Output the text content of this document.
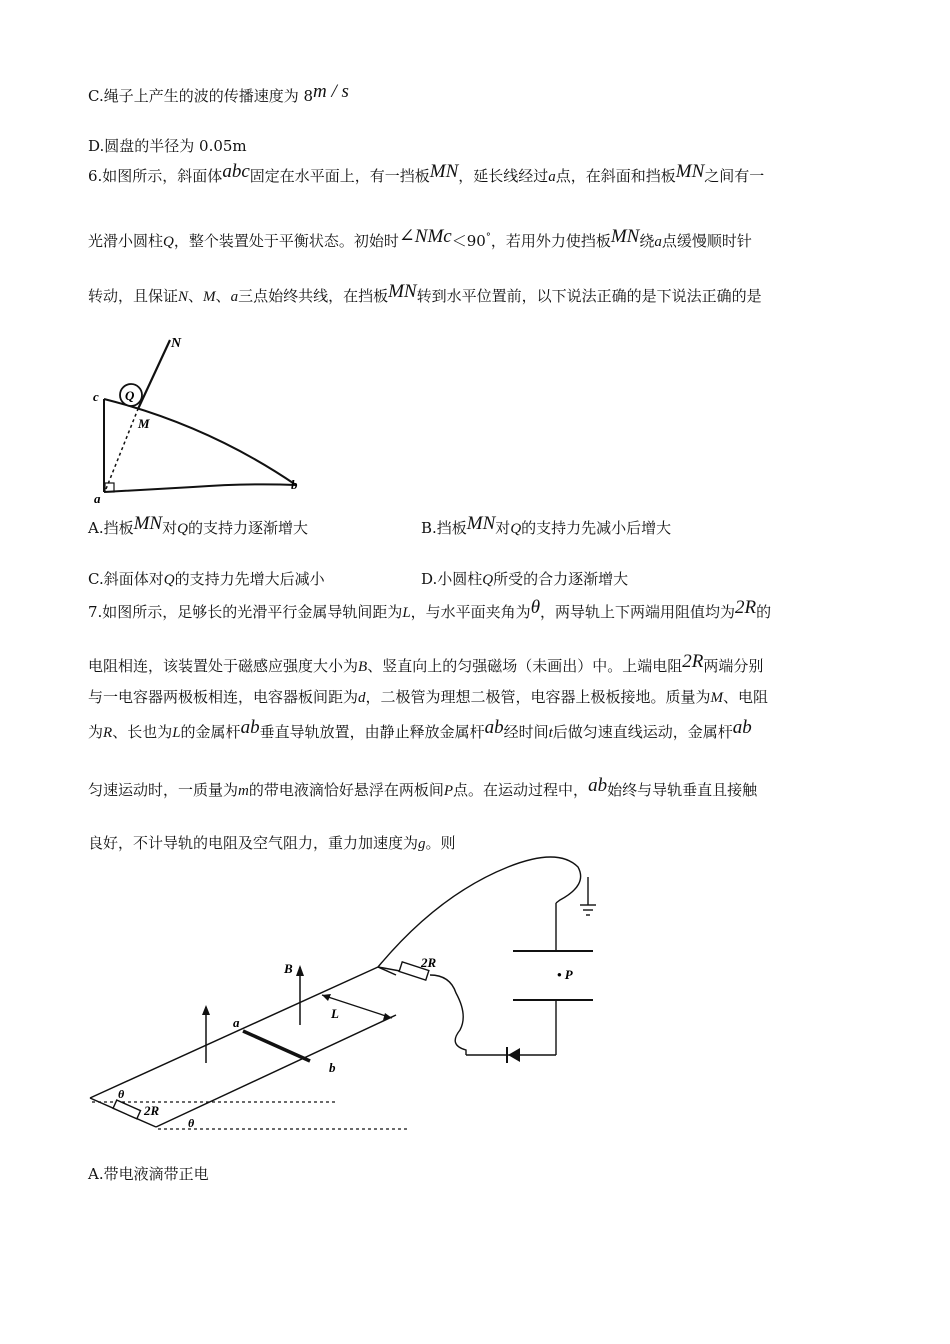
C.绳子上产生的波的传播速度为 8m / s
D.圆盘的半径为 0.05m
6.如图所示，斜面体abc固定在水平面上，有一挡板MN，延长线经过a点，在斜面和挡板MN之间有一
光滑小圆柱Q，整个装置处于平衡状态。初始时∠NMc＜90°，若用外力使挡板MN绕a点缓慢顺时针
转动，且保证N、M、a三点始终共线，在挡板MN转到水平位置前，以下说法正确的是下说法正确的是
N
Q
c
M
a
b
A.挡板MN对Q的支持力逐渐增大	B.挡板MN对Q的支持力先减小后增大
C.斜面体对Q的支持力先增大后减小	D.小圆柱Q所受的合力逐渐增大
7.如图所示，足够长的光滑平行金属导轨间距为L，与水平面夹角为θ，两导轨上下两端用阻值均为2R的
电阻相连，该装置处于磁感应强度大小为B、竖直向上的匀强磁场（未画出）中。上端电阻2R两端分别
与一电容器两极板相连，电容器板间距为d，二极管为理想二极管，电容器上极板接地。质量为M、电阻
为R、长也为L的金属杆ab垂直导轨放置，由静止释放金属杆ab经时间t后做匀速直线运动，金属杆ab
匀速运动时，一质量为m的带电液滴恰好悬浮在两板间P点。在运动过程中，ab始终与导轨垂直且接触
良好，不计导轨的电阻及空气阻力，重力加速度为g。则
B	2R
• P
L
a
b
θ
2R
θ
A.带电液滴带正电
